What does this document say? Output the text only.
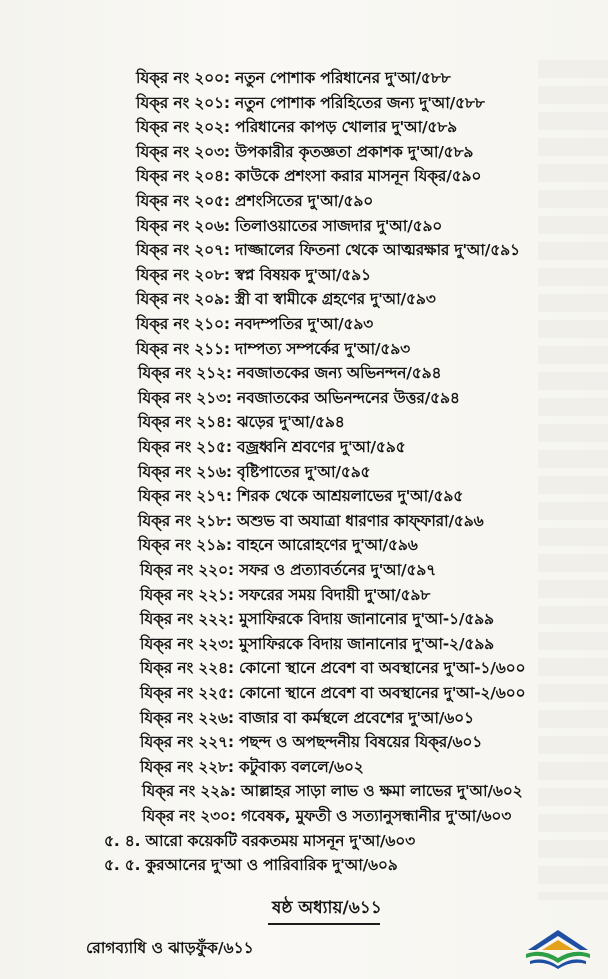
যিক্‌র নং ২০০: নতুন পোশাক পরিধানের দু'আ/৫৮৮
যিক্‌র নং ২০১: নতুন পোশাক পরিহিতের জন্য দু'আ/৫৮৮
যিক্‌র নং ২০২: পরিধানের কাপড় খোলার দু'আ/৫৮৯
যিক্‌র নং ২০৩: উপকারীর কৃতজ্ঞতা প্রকাশক দু'আ/৫৮৯
যিক্‌র নং ২০৪: কাউকে প্রশংসা করার মাসনূন যিক্‌র/৫৯০
যিক্‌র নং ২০৫: প্রশংসিতের দু'আ/৫৯০
যিক্‌র নং ২০৬: তিলাওয়াতের সাজদার দু'আ/৫৯০
যিক্‌র নং ২০৭: দাজ্জালের ফিতনা থেকে আত্মরক্ষার দু'আ/৫৯১
যিক্‌র নং ২০৮: স্বপ্ন বিষয়ক দু'আ/৫৯১
যিক্‌র নং ২০৯: স্ত্রী বা স্বামীকে গ্রহণের দু'আ/৫৯৩
যিক্‌র নং ২১০: নবদম্পতির দু'আ/৫৯৩
যিক্‌র নং ২১১: দাম্পত্য সম্পর্কের দু'আ/৫৯৩
যিক্‌র নং ২১২: নবজাতকের জন্য অভিনন্দন/৫৯৪
যিক্‌র নং ২১৩: নবজাতকের অভিনন্দনের উত্তর/৫৯৪
যিক্‌র নং ২১৪: ঝড়ের দু'আ/৫৯৪
যিক্‌র নং ২১৫: বজ্রধ্বনি শ্রবণের দু'আ/৫৯৫
যিক্‌র নং ২১৬: বৃষ্টিপাতের দু'আ/৫৯৫
যিক্‌র নং ২১৭: শিরক থেকে আশ্রয়লাভের দু'আ/৫৯৫
যিক্‌র নং ২১৮: অশুভ বা অযাত্রা ধারণার কাফ্‌ফারা/৫৯৬
যিক্‌র নং ২১৯: বাহনে আরোহণের দু'আ/৫৯৬
যিক্‌র নং ২২০: সফর ও প্রত্যাবর্তনের দু'আ/৫৯৭
যিক্‌র নং ২২১: সফরের সময় বিদায়ী দু'আ/৫৯৮
যিক্‌র নং ২২২: মুসাফিরকে বিদায় জানানোর দু'আ-১/৫৯৯
যিক্‌র নং ২২৩: মুসাফিরকে বিদায় জানানোর দু'আ-২/৫৯৯
যিক্‌র নং ২২৪: কোনো স্থানে প্রবেশ বা অবস্থানের দু'আ-১/৬০০
যিক্‌র নং ২২৫: কোনো স্থানে প্রবেশ বা অবস্থানের দু'আ-২/৬০০
যিক্‌র নং ২২৬: বাজার বা কর্মস্থলে প্রবেশের দু'আ/৬০১
যিক্‌র নং ২২৭: পছন্দ ও অপছন্দনীয় বিষয়ের যিক্‌র/৬০১
যিক্‌র নং ২২৮: কটুবাক্য বললে/৬০২
যিক্‌র নং ২২৯: আল্লাহর সাড়া লাভ ও ক্ষমা লাভের দু'আ/৬০২
যিক্‌র নং ২৩০: গবেষক, মুফতী ও সত্যানুসন্ধানীর দু'আ/৬০৩
৫. ৪. আরো কয়েকটি বরকতময় মাসনূন দু'আ/৬০৩
৫. ৫. কুরআনের দু'আ ও পারিবারিক দু'আ/৬০৯
ষষ্ঠ অধ্যায়/৬১১
রোগব্যাধি ও ঝাড়ফুঁক/৬১১
